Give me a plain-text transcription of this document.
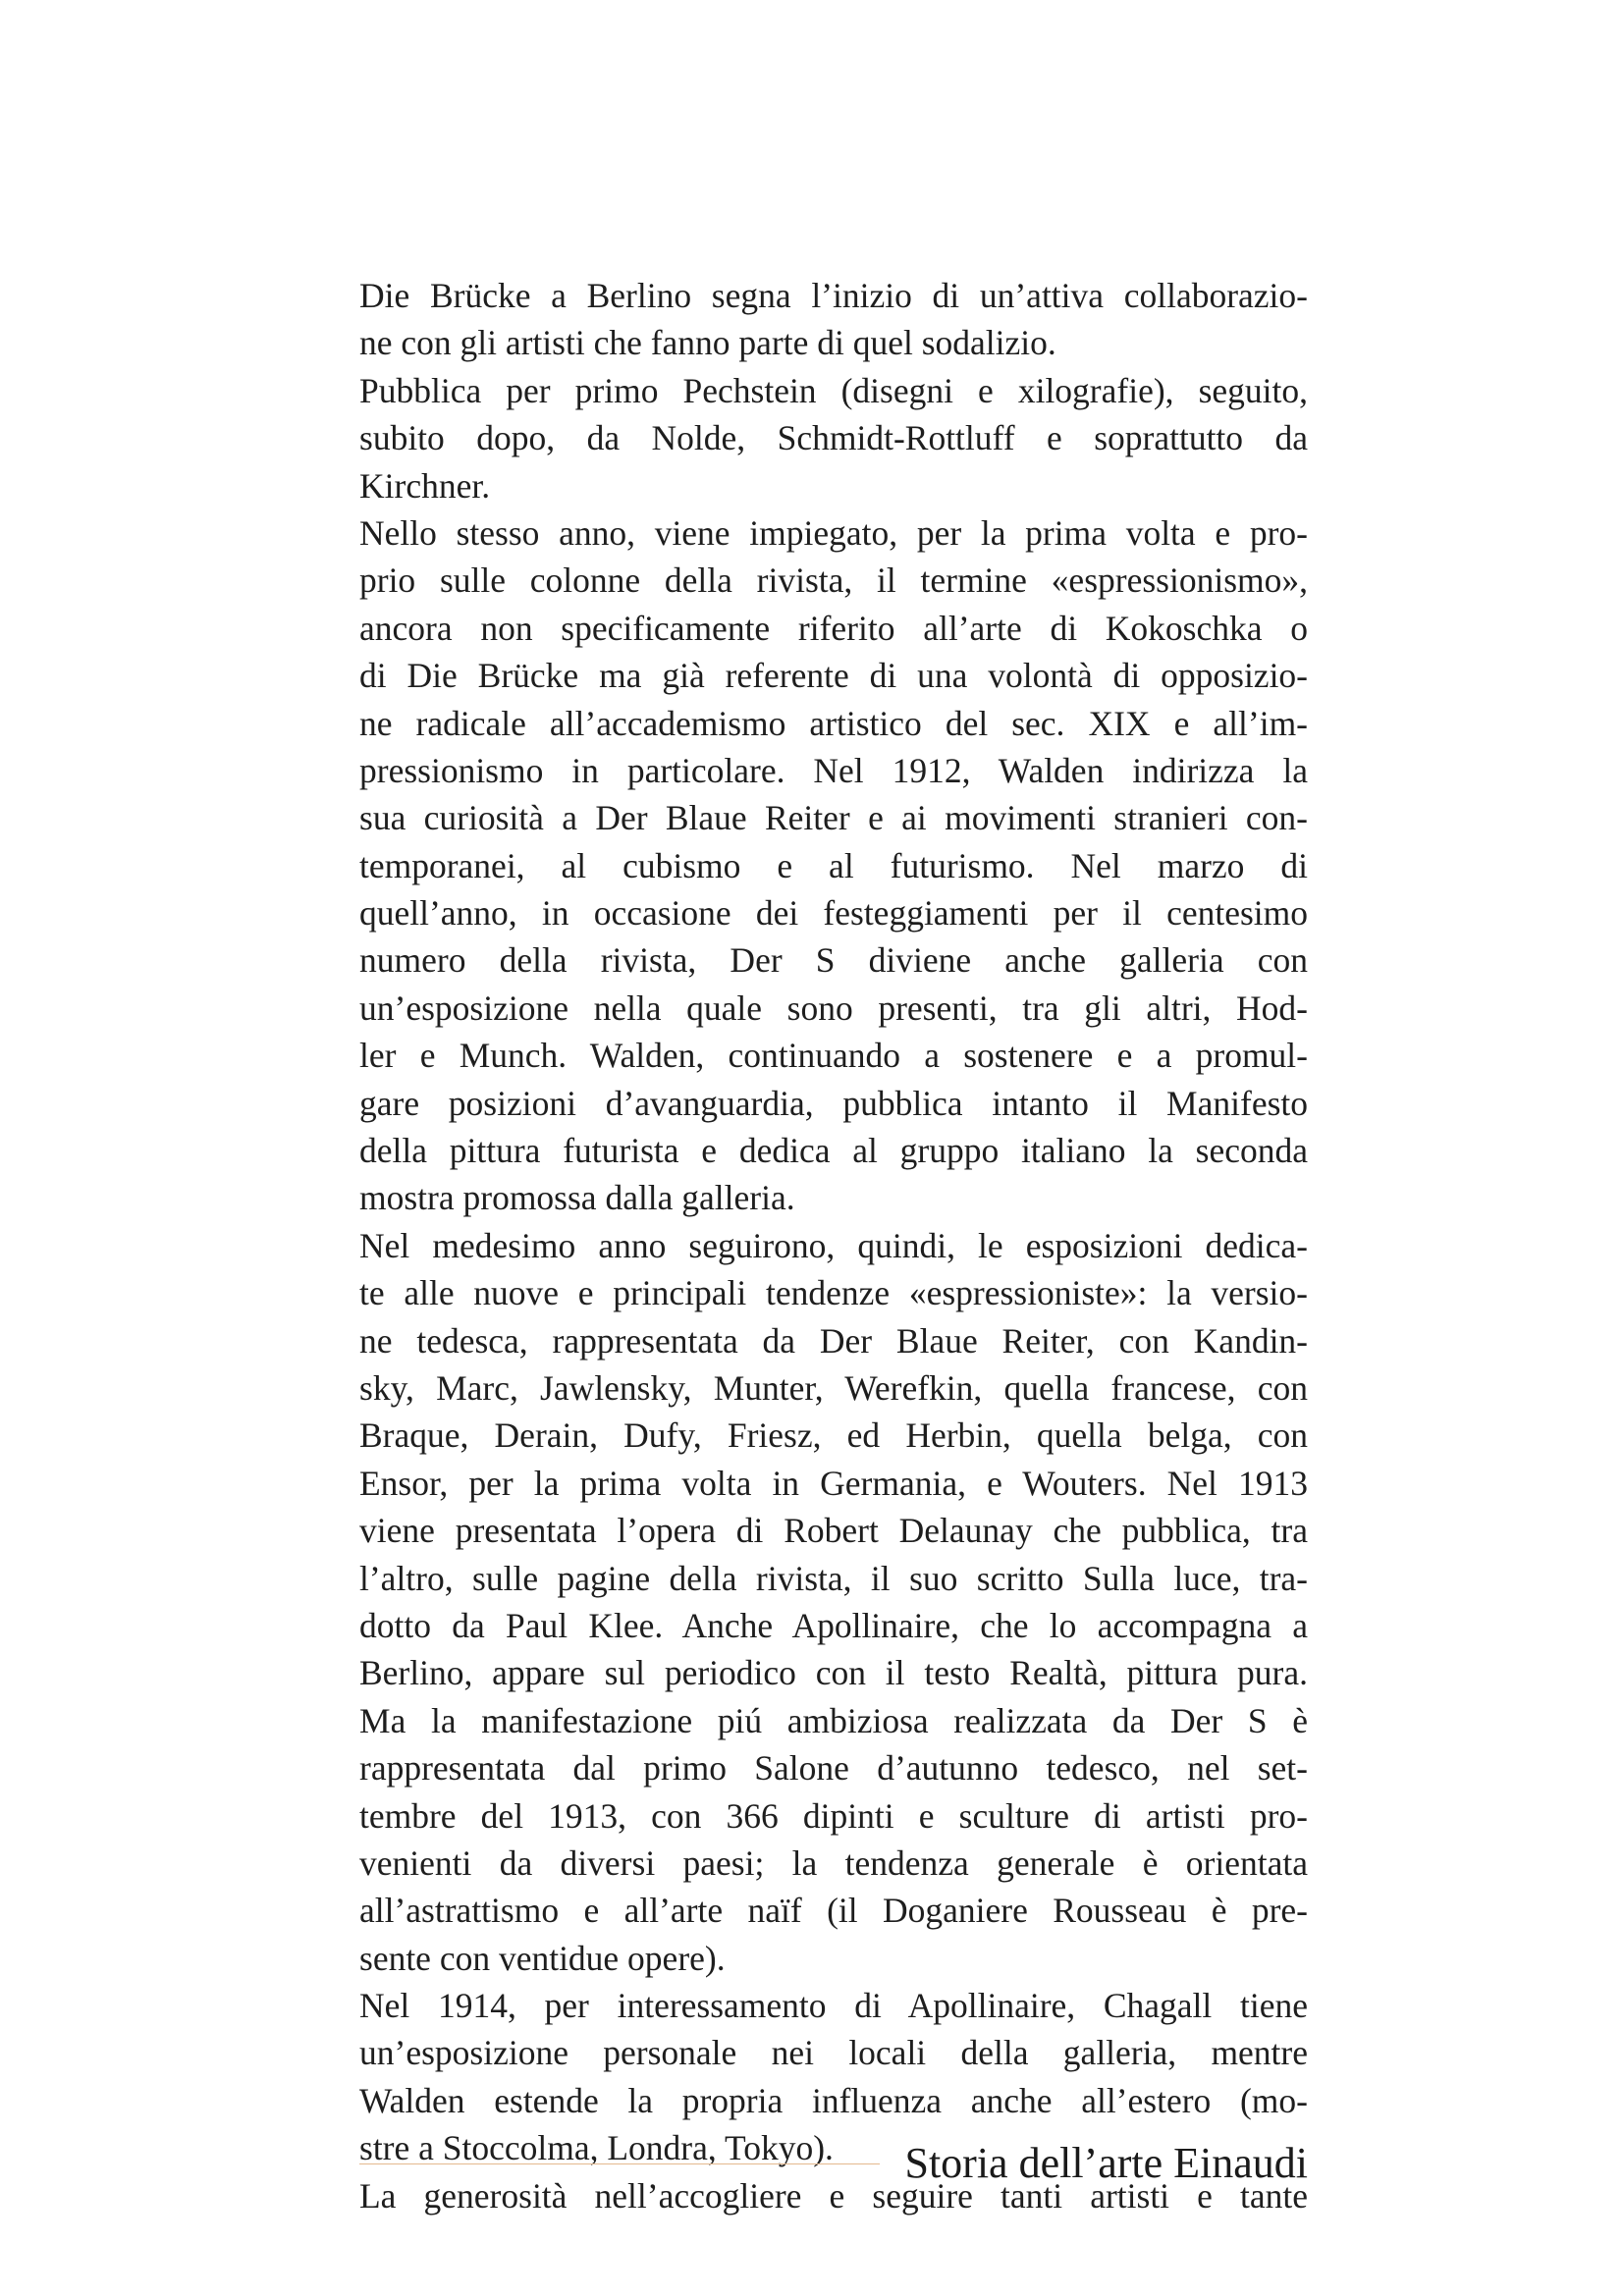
Die Brücke a Berlino segna l’inizio di un’attiva collaborazio-
ne con gli artisti che fanno parte di quel sodalizio.
Pubblica per primo Pechstein (disegni e xilografie), seguito,
subito dopo, da Nolde, Schmidt-Rottluff e soprattutto da
Kirchner.
Nello stesso anno, viene impiegato, per la prima volta e pro-
prio sulle colonne della rivista, il termine «espressionismo»,
ancora non specificamente riferito all’arte di Kokoschka o
di Die Brücke ma già referente di una volontà di opposizio-
ne radicale all’accademismo artistico del sec. XIX e all’im-
pressionismo in particolare. Nel 1912, Walden indirizza la
sua curiosità a Der Blaue Reiter e ai movimenti stranieri con-
temporanei, al cubismo e al futurismo. Nel marzo di
quell’anno, in occasione dei festeggiamenti per il centesimo
numero della rivista, Der S diviene anche galleria con
un’esposizione nella quale sono presenti, tra gli altri, Hod-
ler e Munch. Walden, continuando a sostenere e a promul-
gare posizioni d’avanguardia, pubblica intanto il Manifesto
della pittura futurista e dedica al gruppo italiano la seconda
mostra promossa dalla galleria.
Nel medesimo anno seguirono, quindi, le esposizioni dedica-
te alle nuove e principali tendenze «espressioniste»: la versio-
ne tedesca, rappresentata da Der Blaue Reiter, con Kandin-
sky, Marc, Jawlensky, Munter, Werefkin, quella francese, con
Braque, Derain, Dufy, Friesz, ed Herbin, quella belga, con
Ensor, per la prima volta in Germania, e Wouters. Nel 1913
viene presentata l’opera di Robert Delaunay che pubblica, tra
l’altro, sulle pagine della rivista, il suo scritto Sulla luce, tra-
dotto da Paul Klee. Anche Apollinaire, che lo accompagna a
Berlino, appare sul periodico con il testo Realtà, pittura pura.
Ma la manifestazione piú ambiziosa realizzata da Der S è
rappresentata dal primo Salone d’autunno tedesco, nel set-
tembre del 1913, con 366 dipinti e sculture di artisti pro-
venienti da diversi paesi; la tendenza generale è orientata
all’astrattismo e all’arte naïf (il Doganiere Rousseau è pre-
sente con ventidue opere).
Nel 1914, per interessamento di Apollinaire, Chagall tiene
un’esposizione personale nei locali della galleria, mentre
Walden estende la propria influenza anche all’estero (mo-
stre a Stoccolma, Londra, Tokyo).
La generosità nell’accogliere e seguire tanti artisti e tante
Storia dell’arte Einaudi
